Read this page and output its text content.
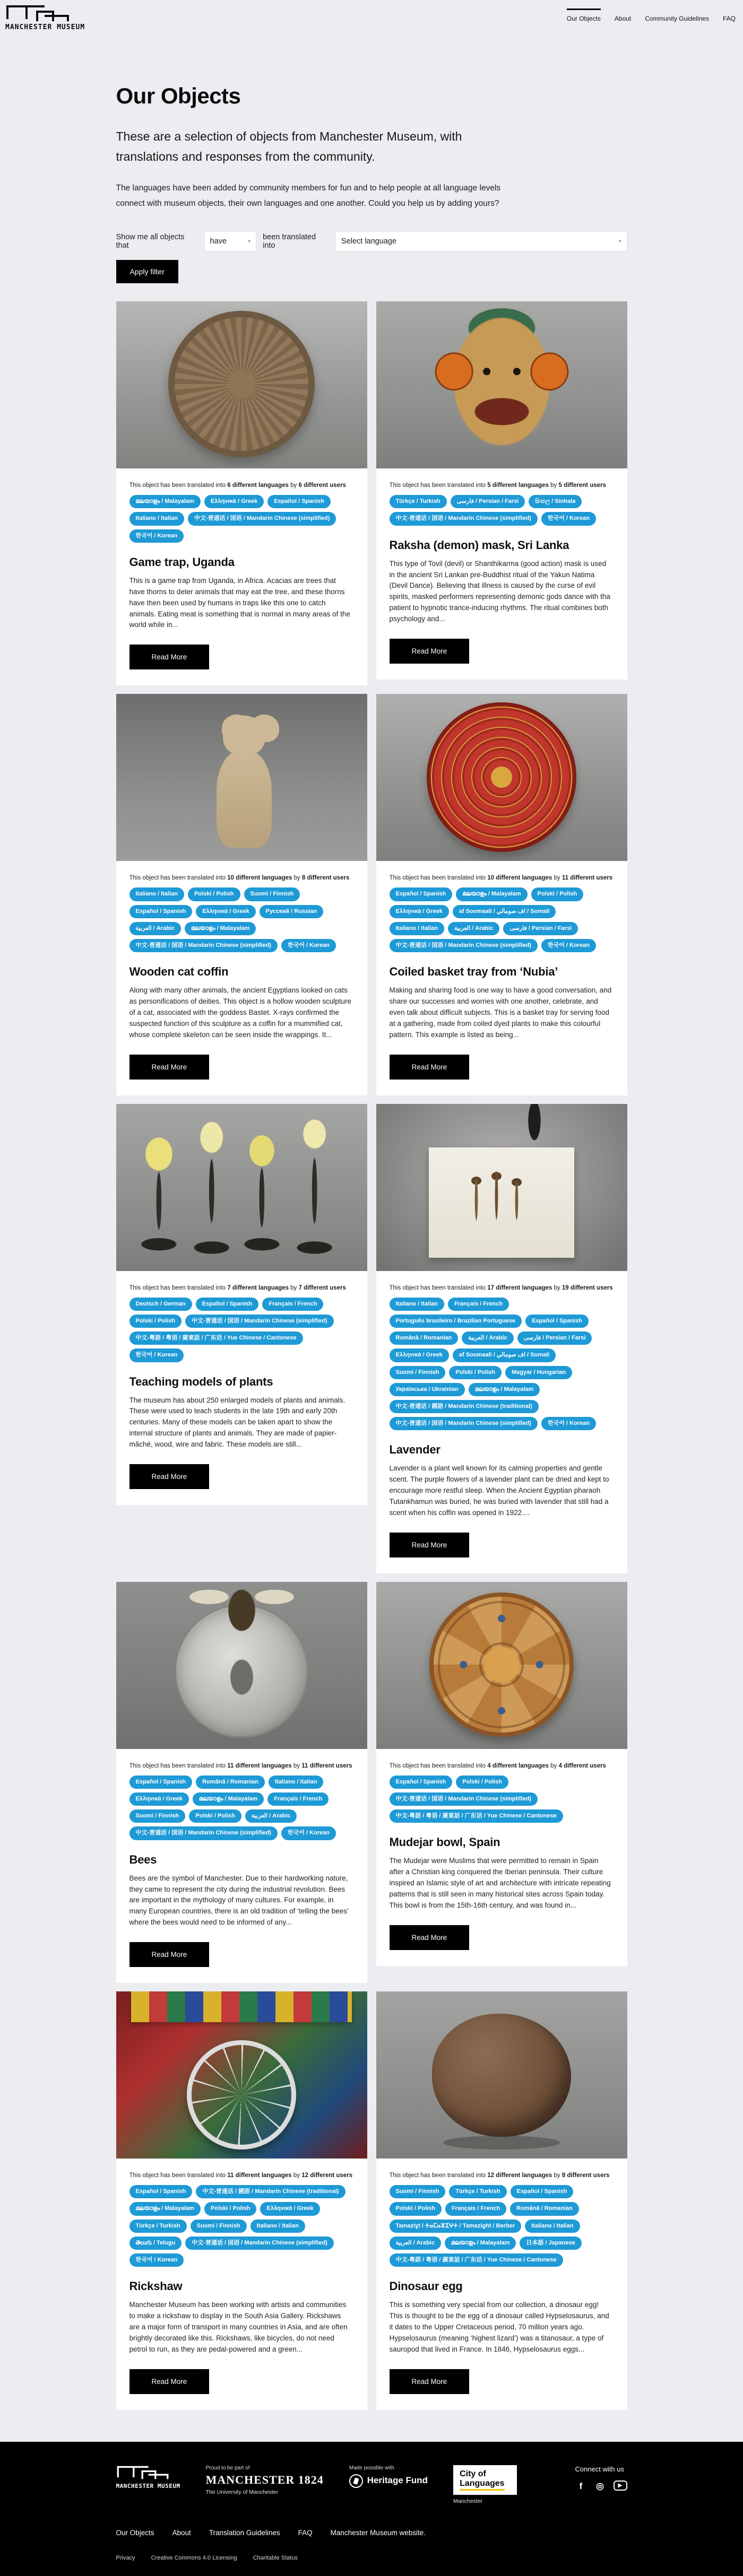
MANCHESTER MUSEUM
Our Objects About Community Guidelines FAQ
Our Objects

These are a selection of objects from Manchester Museum, with translations and responses from the community.

The languages have been added by community members for fun and to help people at all language levels connect with museum objects, their own languages and one another. Could you help us by adding yours?

Show me all objects that	have	▾ been translated into	Select language	▾
Apply filter

This object has been translated into 6 different languages by 6 different users

മലയാളം / Malayalam	Ελληνικά / Greek	Español / Spanish
Italiano / Italian	中文-普通话 / 国语 / Mandarin Chinese (simplified)
한국어 / Korean
Game trap, Uganda

This is a game trap from Uganda, in Africa. Acacias are trees that have thorns to deter animals that may eat the tree, and these thorns have then been used by humans in traps like this one to catch animals. Eating meat is something that is normal in many areas of the world while in...

Read More

This object has been translated into 5 different languages by 5 different users

Türkçe / Turkish	فارسی / Persian / Farsi	සිංහල / Sinhala
中文-普通话 / 国语 / Mandarin Chinese (simplified)	한국어 / Korean
Raksha (demon) mask, Sri Lanka

This type of Tovil (devil) or Shanthikarma (good action) mask is used in the ancient Sri Lankan pre-Buddhist ritual of the Yakun Natima (Devil Dance). Believing that illness is caused by the curse of evil spirits, masked performers representing demonic gods dance with tha patient to hypnotic trance-inducing rhythms. The ritual combines both psychology and...

Read More

This object has been translated into 10 different languages by 8 different users

Italiano / Italian	Polski / Polish	Suomi / Finnish
Español / Spanish	Ελληνικά / Greek	Русский / Russian
العربية / Arabic	മലയാളം / Malayalam
中文-普通话 / 国语 / Mandarin Chinese (simplified)	한국어 / Korean
Wooden cat coffin

Along with many other animals, the ancient Egyptians looked on cats as personifications of deities. This object is a hollow wooden sculpture of a cat, associated with the goddess Bastet. X-rays confirmed the suspected function of this sculpture as a coffin for a mummified cat, whose complete skeleton can be seen inside the wrappings. It...

Read More

This object has been translated into 10 different languages by 11 different users

Español / Spanish	മലയാളം / Malayalam	Polski / Polish
Ελληνικά / Greek	af Soomaali / اف صومالي / Somali
Italiano / Italian	العربية / Arabic	فارسی / Persian / Farsi
中文-普通话 / 国语 / Mandarin Chinese (simplified)	한국어 / Korean
Coiled basket tray from ‘Nubia’

Making and sharing food is one way to have a good conversation, and share our successes and worries with one another, celebrate, and even talk about difficult subjects. This is a basket tray for serving food at a gathering, made from coiled dyed plants to make this colourful pattern. This example is listed as being...

Read More

This object has been translated into 7 different languages by 7 different users

Deutsch / German	Español / Spanish	Français / French
Polski / Polish	中文-普通话 / 国语 / Mandarin Chinese (simplified)
中文-粤語 / 粤语 / 廣東話 / 广东话 / Yue Chinese / Cantonese
한국어 / Korean
Teaching models of plants

The museum has about 250 enlarged models of plants and animals. These were used to teach students in the late 19th and early 20th centuries. Many of these models can be taken apart to show the internal structure of plants and animals. They are made of papier-mâché, wood, wire and fabric. These models are still...

Read More

This object has been translated into 17 different languages by 19 different users

Italiano / Italian	Français / French
Português brasileiro / Brazilian Portuguese	Español / Spanish
Română / Romanian	العربية / Arabic	فارسی / Persian / Farsi
Ελληνικά / Greek	af Soomaali / اف صومالي / Somali
Suomi / Finnish	Polski / Polish	Magyar / Hungarian
Українська / Ukrainian	മലയാളം / Malayalam
中文-普通话 / 國語 / Mandarin Chinese (traditional)
中文-普通话 / 国语 / Mandarin Chinese (simplified)	한국어 / Korean
Lavender

Lavender is a plant well known for its calming properties and gentle scent. The purple flowers of a lavender plant can be dried and kept to encourage more restful sleep. When the Ancient Egyptian pharaoh Tutankhamun was buried, he was buried with lavender that still had a scent when his coffin was opened in 1922....

Read More

This object has been translated into 11 different languages by 11 different users

Español / Spanish	Română / Romanian	Italiano / Italian
Ελληνικά / Greek	മലയാളം / Malayalam	Français / French
Suomi / Finnish	Polski / Polish	العربية / Arabic
中文-普通话 / 国语 / Mandarin Chinese (simplified)	한국어 / Korean
Bees

Bees are the symbol of Manchester. Due to their hardworking nature, they came to represent the city during the industrial revolution. Bees are important in the mythology of many cultures. For example, in many European countries, there is an old tradition of ‘telling the bees’ where the bees would need to be informed of any...

Read More

This object has been translated into 4 different languages by 4 different users

Español / Spanish	Polski / Polish
中文-普通话 / 国语 / Mandarin Chinese (simplified)
中文-粤語 / 粤语 / 廣東話 / 广东话 / Yue Chinese / Cantonese
Mudejar bowl, Spain

The Mudejar were Muslims that were permitted to remain in Spain after a Christian king conquered the Iberian peninsula. Their culture inspired an Islamic style of art and architecture with intricate repeating patterns that is still seen in many historical sites across Spain today. This bowl is from the 15th-16th century, and was found in...

Read More

This object has been translated into 11 different languages by 12 different users

Español / Spanish	中文-普通话 / 國語 / Mandarin Chinese (traditional)
മലയാളം / Malayalam	Polski / Polish	Ελληνικά / Greek
Türkçe / Turkish	Suomi / Finnish	Italiano / Italian
తెలుగు / Telugu	中文-普通话 / 国语 / Mandarin Chinese (simplified)
한국어 / Korean
Rickshaw

Manchester Museum has been working with artists and communities to make a rickshaw to display in the South Asia Gallery. Rickshaws are a major form of transport in many countries in Asia, and are often brightly decorated like this. Rickshaws, like bicycles, do not need petrol to run, as they are pedal-powered and a green...

Read More

This object has been translated into 12 different languages by 8 different users

Suomi / Finnish	Türkçe / Turkish	Español / Spanish
Polski / Polish	Français / French	Română / Romanian
Tamaziɣt / ⵜⴰⵎⴰⵣⵉⵖⵜ / Tamazight / Berber	Italiano / Italian
العربية / Arabic	മലയാളം / Malayalam	日本語 / Japanese
中文-粤語 / 粤语 / 廣東話 / 广东话 / Yue Chinese / Cantonese
Dinosaur egg

This is something very special from our collection, a dinosaur egg! This is thought to be the egg of a dinosaur called Hypselosaurus, and it dates to the Upper Cretaceous period, 70 million years ago. Hypselosaurus (meaning ‘highest lizard’) was a titanosaur, a type of sauropod that lived in France. In 1846, Hypselosaurus eggs...

Read More
MANCHESTER MUSEUM
Proud to be part of
MANCHESTER 1824
The University of Manchester
Made possible with
Heritage Fund
City of
Languages
Manchester
Connect with us
f	◎	▶
Our Objects	About	Translation Guidelines	FAQ	Manchester Museum website.
Privacy	Creative Commons 4.0 Licensing	Charitable Status
